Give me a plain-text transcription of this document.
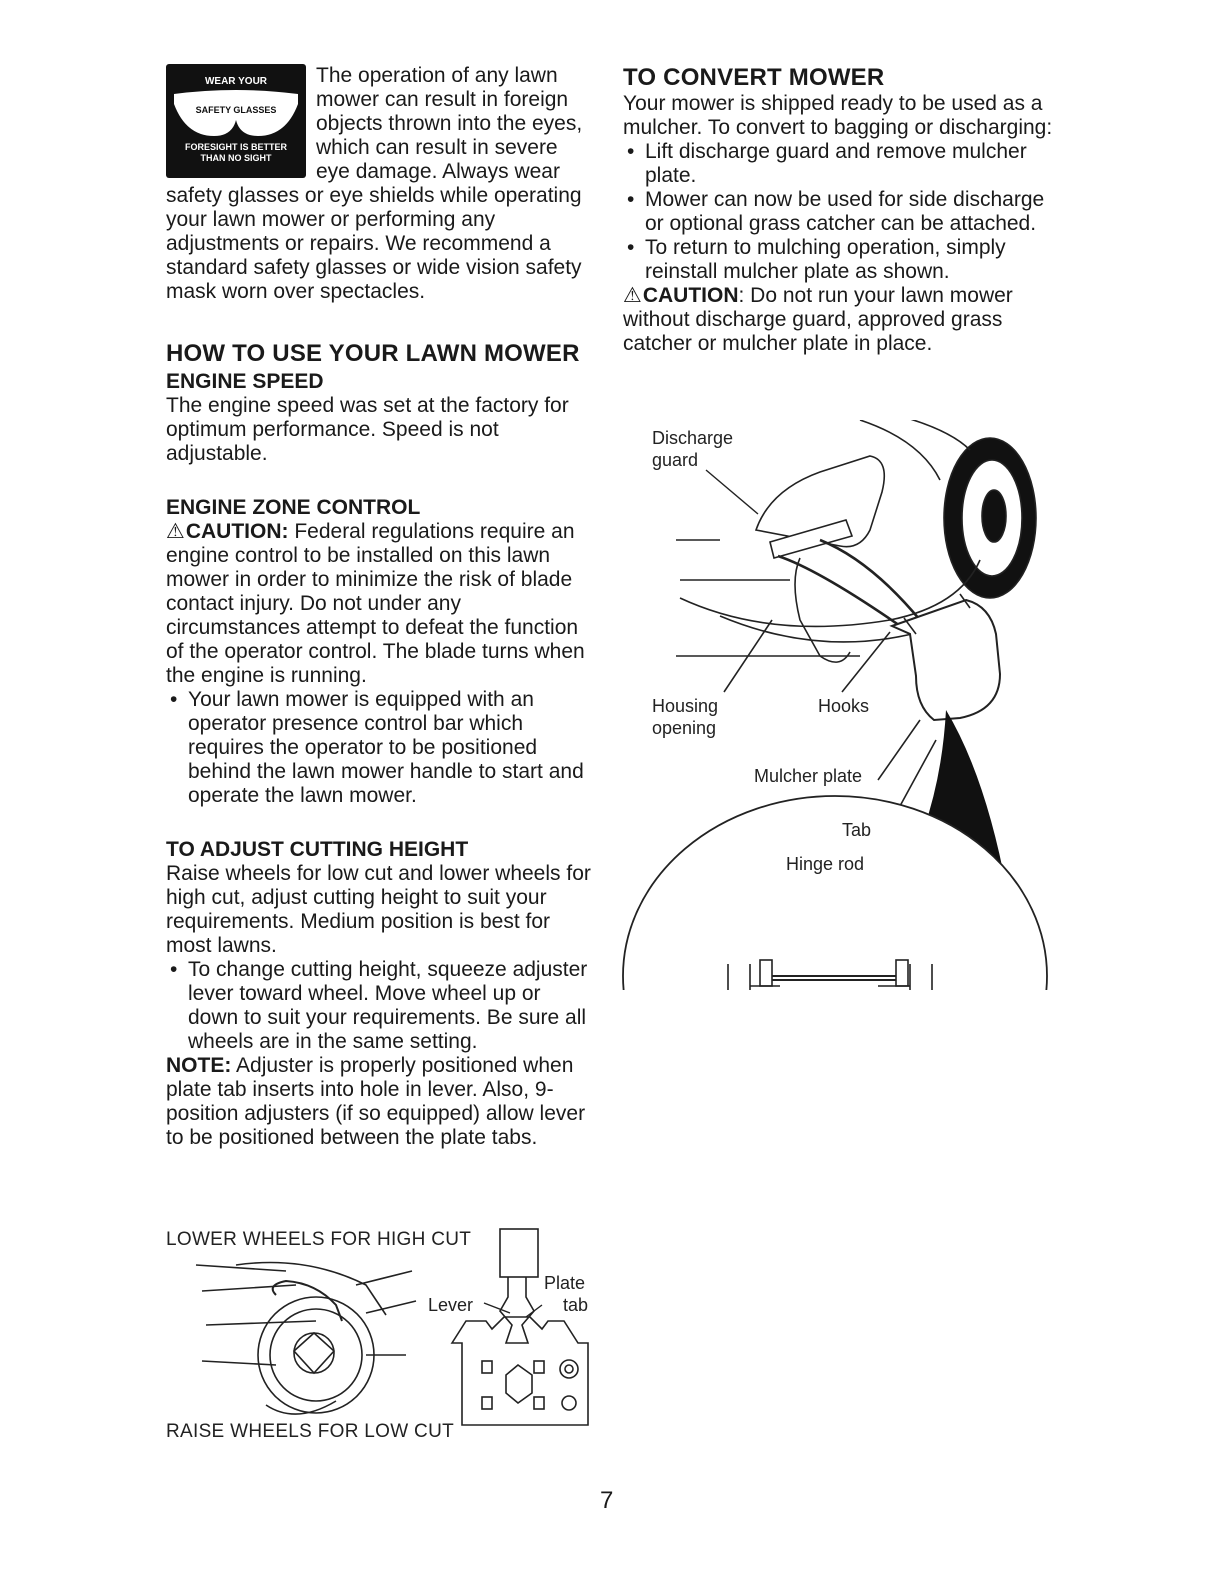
WEAR YOUR
SAFETY GLASSES
FORESIGHT IS BETTER
THAN NO SIGHT

The operation of any lawn mower can result in foreign objects thrown into the eyes, which can result in severe eye damage. Always wear safety glasses or eye shields while operating your lawn mower or performing any adjustments or repairs. We recommend a standard safety glasses or wide vision safety mask worn over spectacles.

HOW TO USE YOUR LAWN MOWER
ENGINE SPEED

The engine speed was set at the factory for optimum performance. Speed is not adjustable.

ENGINE ZONE CONTROL

⚠CAUTION: Federal regulations require an engine control to be installed on this lawn mower in order to minimize the risk of blade contact injury. Do not under any circumstances attempt to defeat the function of the operator control. The blade turns when the engine is running.

• Your lawn mower is equipped with an operator presence control bar which requires the operator to be positioned behind the lawn mower handle to start and operate the lawn mower.
TO ADJUST CUTTING HEIGHT

Raise wheels for low cut and lower wheels for high cut, adjust cutting height to suit your requirements. Medium position is best for most lawns.

• To change cutting height, squeeze adjuster lever toward wheel. Move wheel up or down to suit your requirements. Be sure all wheels are in the same setting.

NOTE: Adjuster is properly positioned when plate tab inserts into hole in lever. Also, 9-position adjusters (if so equipped) allow lever to be positioned between the plate tabs.

LOWER WHEELS FOR HIGH CUT
Lever
Plate
tab
RAISE WHEELS FOR LOW CUT
TO CONVERT MOWER

Your mower is shipped ready to be used as a mulcher. To convert to bagging or discharging:

• Lift discharge guard and remove mulcher plate.
• Mower can now be used for side discharge or optional grass catcher can be attached.
• To return to mulching operation, simply reinstall mulcher plate as shown.

⚠CAUTION: Do not run your lawn mower without discharge guard, approved grass catcher or mulcher plate in place.

Discharge
guard
Housing
opening
Hooks
Mulcher plate
Tab
Hinge rod
7
